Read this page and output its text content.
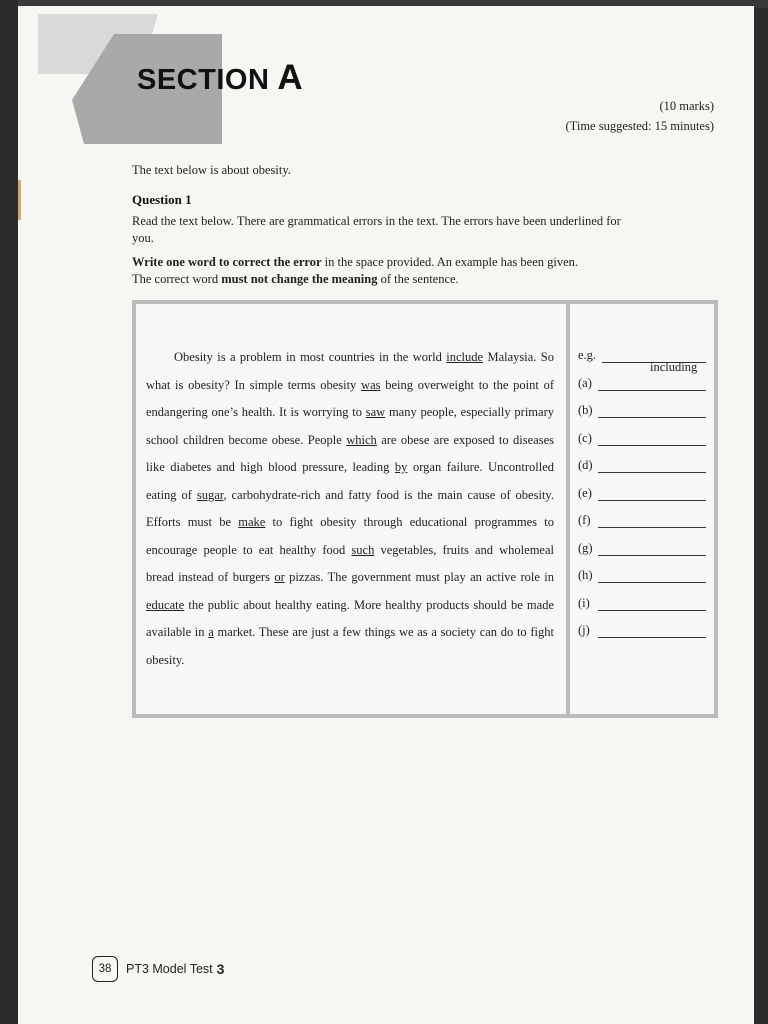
SECTION A
(10 marks)
(Time suggested: 15 minutes)
The text below is about obesity.
Question 1
Read the text below. There are grammatical errors in the text. The errors have been underlined for you.
Write one word to correct the error in the space provided. An example has been given.
The correct word must not change the meaning of the sentence.
Obesity is a problem in most countries in the world include Malaysia. So what is obesity? In simple terms obesity was being overweight to the point of endangering one’s health. It is worrying to saw many people, especially primary school children become obese. People which are obese are exposed to diseases like diabetes and high blood pressure, leading by organ failure. Uncontrolled eating of sugar, carbohydrate-rich and fatty food is the main cause of obesity. Efforts must be make to fight obesity through educational programmes to encourage people to eat healthy food such vegetables, fruits and wholemeal bread instead of burgers or pizzas. The government must play an active role in educate the public about healthy eating. More healthy products should be made available in a market. These are just a few things we as a society can do to fight obesity.
e.g.
including
(a)
(b)
(c)
(d)
(e)
(f)
(g)
(h)
(i)
(j)
38 PT3 Model Test 3
